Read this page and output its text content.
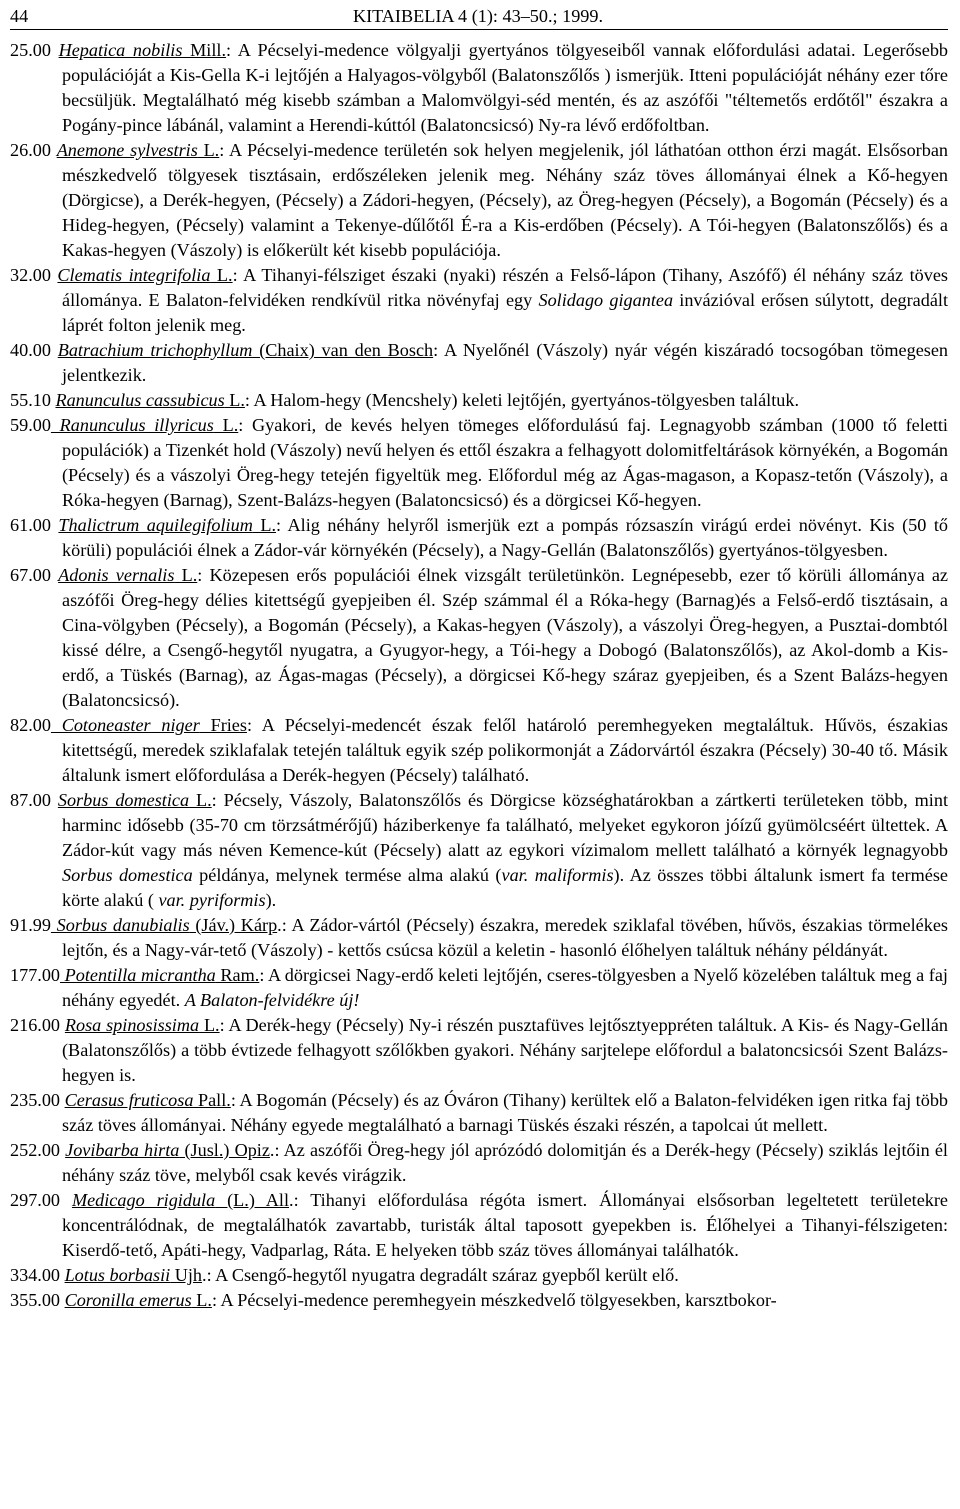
44	KITAIBELIA 4 (1): 43–50.; 1999.

25.00 Hepatica nobilis Mill.: A Pécselyi-medence völgyalji gyertyános tölgyeseiből vannak előfordulási adatai. Legerősebb populációját a Kis-Gella K-i lejtőjén a Halyagos-völgyből (Balatonszőlős ) ismerjük. Itteni populációját néhány ezer tőre becsüljük. Megtalálható még kisebb számban a Malomvölgyi-séd mentén, és az aszófői "téltemetős erdőtől" északra a Pogány-pince lábánál, valamint a Herendi-kúttól (Balatoncsicsó) Ny-ra lévő erdőfoltban.

26.00 Anemone sylvestris L.: A Pécselyi-medence területén sok helyen megjelenik, jól láthatóan otthon érzi magát. Elsősorban mészkedvelő tölgyesek tisztásain, erdőszéleken jelenik meg. Néhány száz töves állományai élnek a Kő-hegyen (Dörgicse), a Derék-hegyen, (Pécsely) a Zádori-hegyen, (Pécsely), az Öreg-hegyen (Pécsely), a Bogomán (Pécsely) és a Hideg-hegyen, (Pécsely) valamint a Tekenye-dűlőtől É-ra a Kis-erdőben (Pécsely). A Tói-hegyen (Balatonszőlős) és a Kakas-hegyen (Vászoly) is előkerült két kisebb populációja.

32.00 Clematis integrifolia L.: A Tihanyi-félsziget északi (nyaki) részén a Felső-lápon (Tihany, Aszófő) él néhány száz töves állománya. E Balaton-felvidéken rendkívül ritka növényfaj egy Solidago gigantea invázióval erősen súlytott, degradált láprét folton jelenik meg.

40.00 Batrachium trichophyllum (Chaix) van den Bosch: A Nyelőnél (Vászoly) nyár végén kiszáradó tocsogóban tömegesen jelentkezik.

55.10 Ranunculus cassubicus L.: A Halom-hegy (Mencshely) keleti lejtőjén, gyertyános-tölgyesben találtuk.

59.00 Ranunculus illyricus L.: Gyakori, de kevés helyen tömeges előfordulású faj. Legnagyobb számban (1000 tő feletti populációk) a Tizenkét hold (Vászoly) nevű helyen és ettől északra a felhagyott dolomitfeltárások környékén, a Bogomán (Pécsely) és a vászolyi Öreg-hegy tetején figyeltük meg. Előfordul még az Ágas-magason, a Kopasz-tetőn (Vászoly), a Róka-hegyen (Barnag), Szent-Balázs-hegyen (Balatoncsicsó) és a dörgicsei Kő-hegyen.

61.00 Thalictrum aquilegifolium L.: Alig néhány helyről ismerjük ezt a pompás rózsaszín virágú erdei növényt. Kis (50 tő körüli) populációi élnek a Zádor-vár környékén (Pécsely), a Nagy-Gellán (Balatonszőlős) gyertyános-tölgyesben.

67.00 Adonis vernalis L.: Közepesen erős populációi élnek vizsgált területünkön. Legnépesebb, ezer tő körüli állománya az aszófői Öreg-hegy délies kitettségű gyepjeiben él. Szép számmal él a Róka-hegy (Barnag)és a Felső-erdő tisztásain, a Cina-völgyben (Pécsely), a Bogomán (Pécsely), a Kakas-hegyen (Vászoly), a vászolyi Öreg-hegyen, a Pusztai-dombtól kissé délre, a Csengő-hegytől nyugatra, a Gyugyor-hegy, a Tói-hegy a Dobogó (Balatonszőlős), az Akol-domb a Kis-erdő, a Tüskés (Barnag), az Ágas-magas (Pécsely), a dörgicsei Kő-hegy száraz gyepjeiben, és a Szent Balázs-hegyen (Balatoncsicsó).

82.00 Cotoneaster niger Fries: A Pécselyi-medencét észak felől határoló peremhegyeken megtaláltuk. Hűvös, északias kitettségű, meredek sziklafalak tetején találtuk egyik szép polikormonját a Zádorvártól északra (Pécsely) 30-40 tő. Másik általunk ismert előfordulása a Derék-hegyen (Pécsely) található.

87.00 Sorbus domestica L.: Pécsely, Vászoly, Balatonszőlős és Dörgicse községhatárokban a zártkerti területeken több, mint harminc idősebb (35-70 cm törzsátmérőjű) háziberkenye fa található, melyeket egykoron jóízű gyümölcséért ültettek. A Zádor-kút vagy más néven Kemence-kút (Pécsely) alatt az egykori vízimalom mellett található a környék legnagyobb Sorbus domestica példánya, melynek termése alma alakú (var. maliformis). Az összes többi általunk ismert fa termése körte alakú ( var. pyriformis).

91.99 Sorbus danubialis (Jáv.) Kárp.: A Zádor-vártól (Pécsely) északra, meredek sziklafal tövében, hűvös, északias törmelékes lejtőn, és a Nagy-vár-tető (Vászoly) - kettős csúcsa közül a keletin - hasonló élőhelyen találtuk néhány példányát.

177.00 Potentilla micrantha Ram.: A dörgicsei Nagy-erdő keleti lejtőjén, cseres-tölgyesben a Nyelő közelében találtuk meg a faj néhány egyedét. A Balaton-felvidékre új!

216.00 Rosa spinosissima L.: A Derék-hegy (Pécsely) Ny-i részén pusztafüves lejtősztyeppréten találtuk. A Kis- és Nagy-Gellán (Balatonszőlős) a több évtizede felhagyott szőlőkben gyakori. Néhány sarjtelepe előfordul a balatoncsicsói Szent Balázs-hegyen is.

235.00 Cerasus fruticosa Pall.: A Bogomán (Pécsely) és az Óváron (Tihany) kerültek elő a Balaton-felvidéken igen ritka faj több száz töves állományai. Néhány egyede megtalálható a barnagi Tüskés északi részén, a tapolcai út mellett.

252.00 Jovibarba hirta (Jusl.) Opiz.: Az aszófői Öreg-hegy jól aprózódó dolomitján és a Derék-hegy (Pécsely) sziklás lejtőin él néhány száz töve, melyből csak kevés virágzik.

297.00 Medicago rigidula (L.) All.: Tihanyi előfordulása régóta ismert. Állományai elsősorban legeltetett területekre koncentrálódnak, de megtalálhatók zavartabb, turisták által taposott gyepekben is. Élőhelyei a Tihanyi-félszigeten: Kiserdő-tető, Apáti-hegy, Vadparlag, Ráta. E helyeken több száz töves állományai találhatók.

334.00 Lotus borbasii Ujh.: A Csengő-hegytől nyugatra degradált száraz gyepből került elő.

355.00 Coronilla emerus L.: A Pécselyi-medence peremhegyein mészkedvelő tölgyesekben, karsztbokor-
